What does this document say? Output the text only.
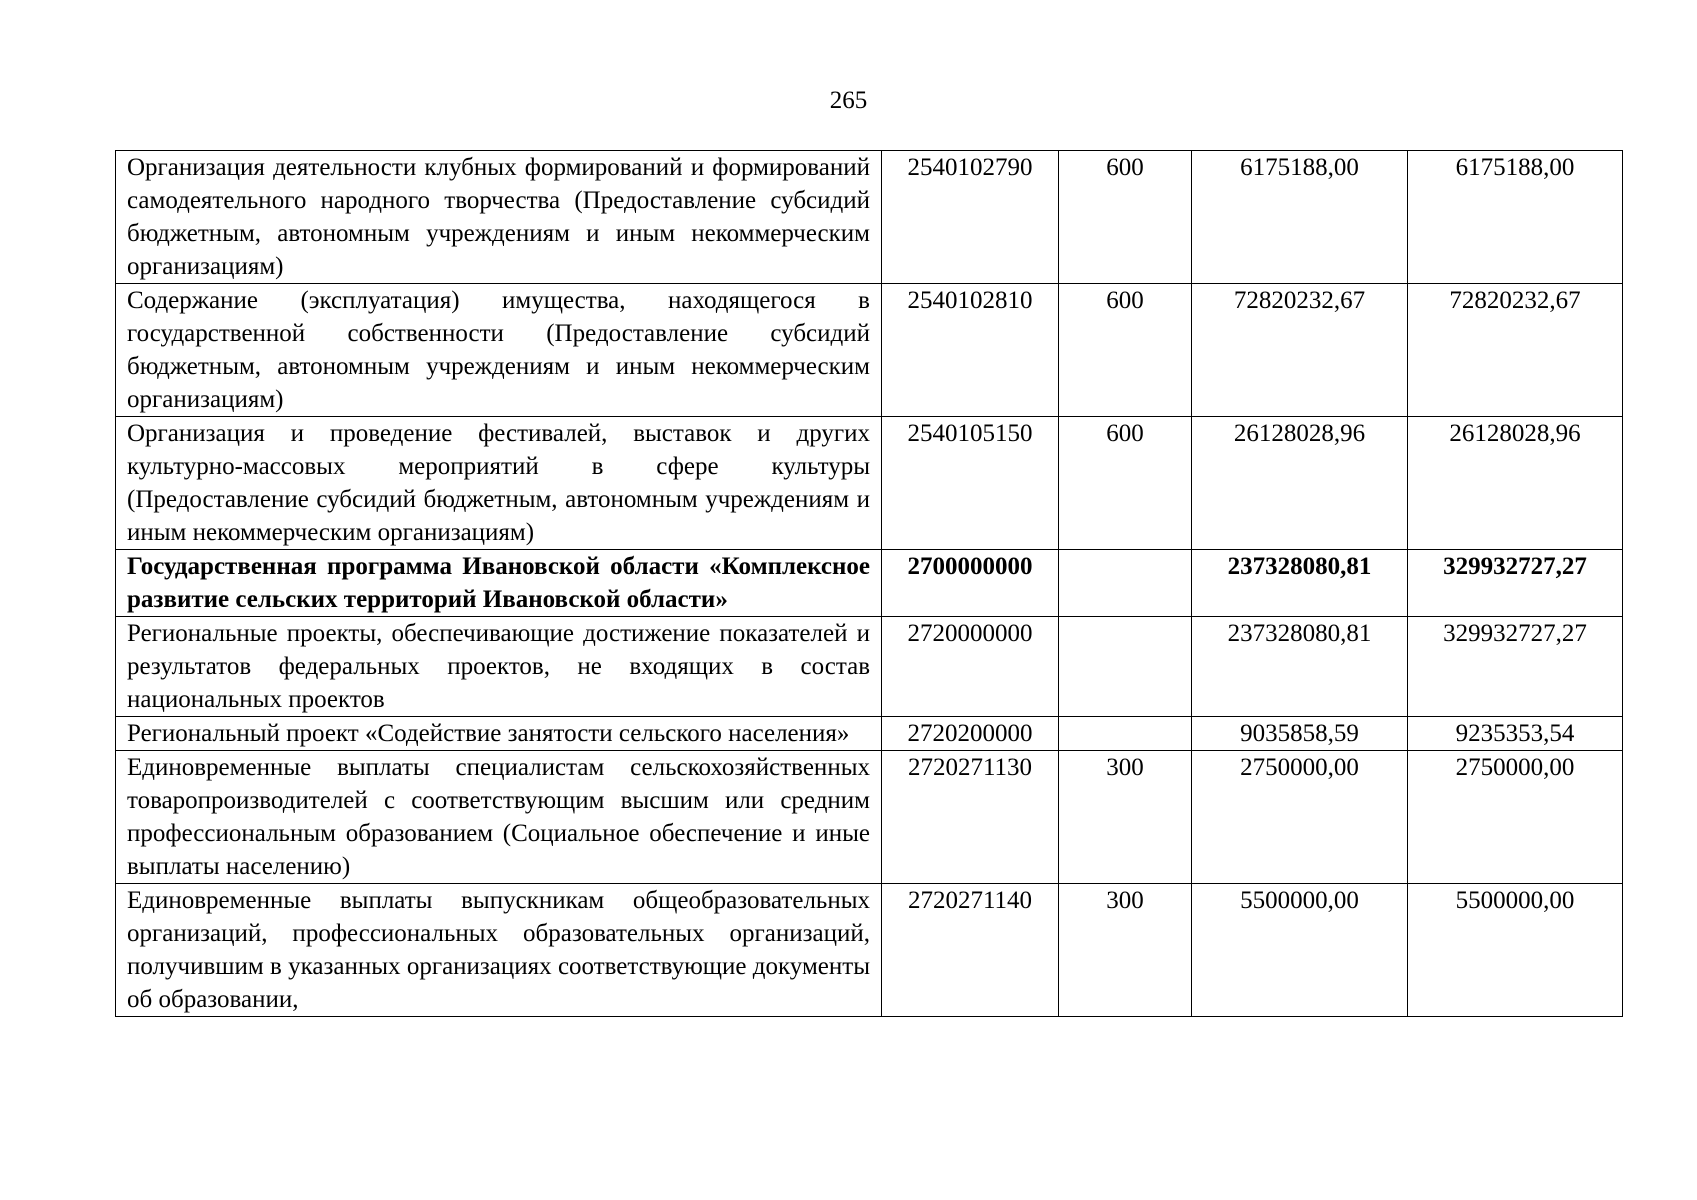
265
Организация деятельности клубных формирований и формирований самодеятельного народного творчества (Предоставление субсидий бюджетным, автономным учреждениям и иным некоммерческим организациям)	2540102790	600	6175188,00	6175188,00
Содержание (эксплуатация) имущества, находящегося в государственной собственности (Предоставление субсидий бюджетным, автономным учреждениям и иным некоммерческим организациям)	2540102810	600	72820232,67	72820232,67
Организация и проведение фестивалей, выставок и других культурно-массовых мероприятий в сфере культуры (Предоставление субсидий бюджетным, автономным учреждениям и иным некоммерческим организациям)	2540105150	600	26128028,96	26128028,96
Государственная программа Ивановской области «Комплексное развитие сельских территорий Ивановской области»	2700000000		237328080,81	329932727,27
Региональные проекты, обеспечивающие достижение показателей и результатов федеральных проектов, не входящих в состав национальных проектов	2720000000		237328080,81	329932727,27
Региональный проект «Содействие занятости сельского населения»	2720200000		9035858,59	9235353,54
Единовременные выплаты специалистам сельскохозяйственных товаропроизводителей с соответствующим высшим или средним профессиональным образованием (Социальное обеспечение и иные выплаты населению)	2720271130	300	2750000,00	2750000,00
Единовременные выплаты выпускникам общеобразовательных организаций, профессиональных образовательных организаций, получившим в указанных организациях соответствующие документы об образовании,	2720271140	300	5500000,00	5500000,00
